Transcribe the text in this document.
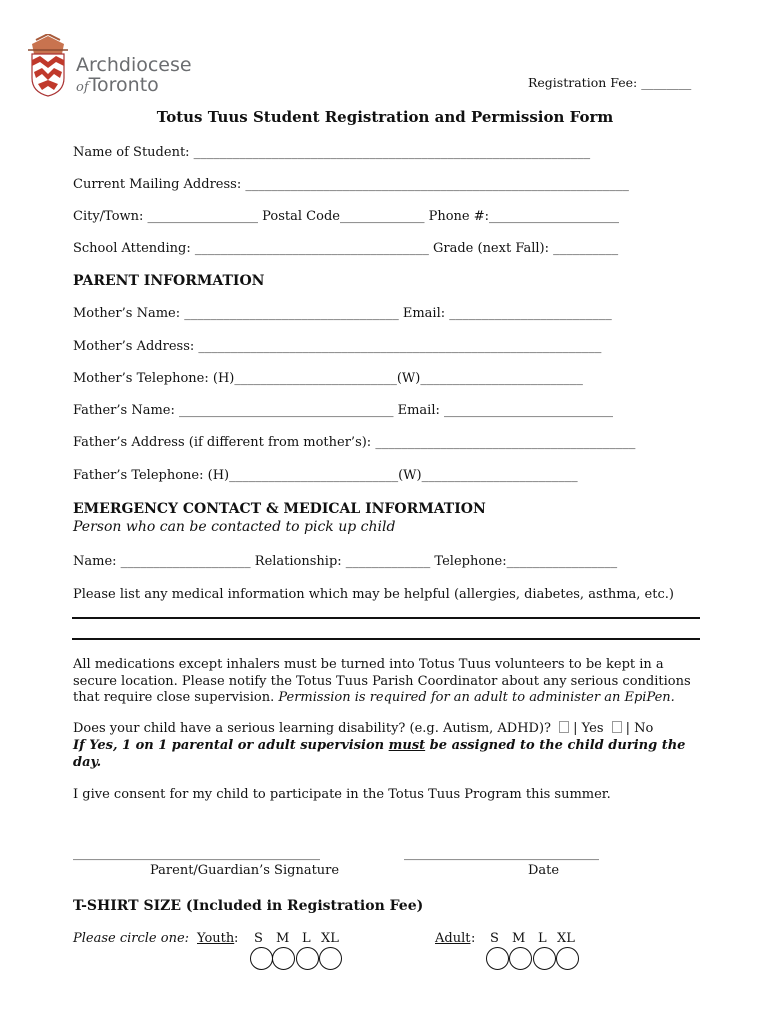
Archdiocese
ofToronto	Registration Fee: ________
Totus Tuus Student Registration and Permission Form
Name of Student: _____________________________________________________________
Current Mailing Address: ___________________________________________________________
City/Town: _________________ Postal Code_____________ Phone #:____________________
School Attending: ____________________________________ Grade (next Fall): __________
PARENT INFORMATION
Mother’s Name: _________________________________ Email: _________________________
Mother’s Address: ______________________________________________________________
Mother’s Telephone: (H)_________________________(W)_________________________
Father’s Name: _________________________________ Email: __________________________
Father’s Address (if different from mother’s): ________________________________________
Father’s Telephone: (H)__________________________(W)________________________
EMERGENCY CONTACT & MEDICAL INFORMATION
Person who can be contacted to pick up child
Name: ____________________ Relationship: _____________ Telephone:_________________
Please list any medical information which may be helpful (allergies, diabetes, asthma, etc.)
All medications except inhalers must be turned into Totus Tuus volunteers to be kept in a secure location. Please notify the Totus Tuus Parish Coordinator about any serious conditions that require close supervision. Permission is required for an adult to administer an EpiPen.
Does your child have a serious learning disability? (e.g. Autism, ADHD)? | Yes | No
If Yes, 1 on 1 parental or adult supervision must be assigned to the child during the day.
I give consent for my child to participate in the Totus Tuus Program this summer.
______________________________________	______________________________
Parent/Guardian’s Signature	Date
T-SHIRT SIZE (Included in Registration Fee)
Please circle one: Youth :	Adult :
S M L XL	S M L XL
